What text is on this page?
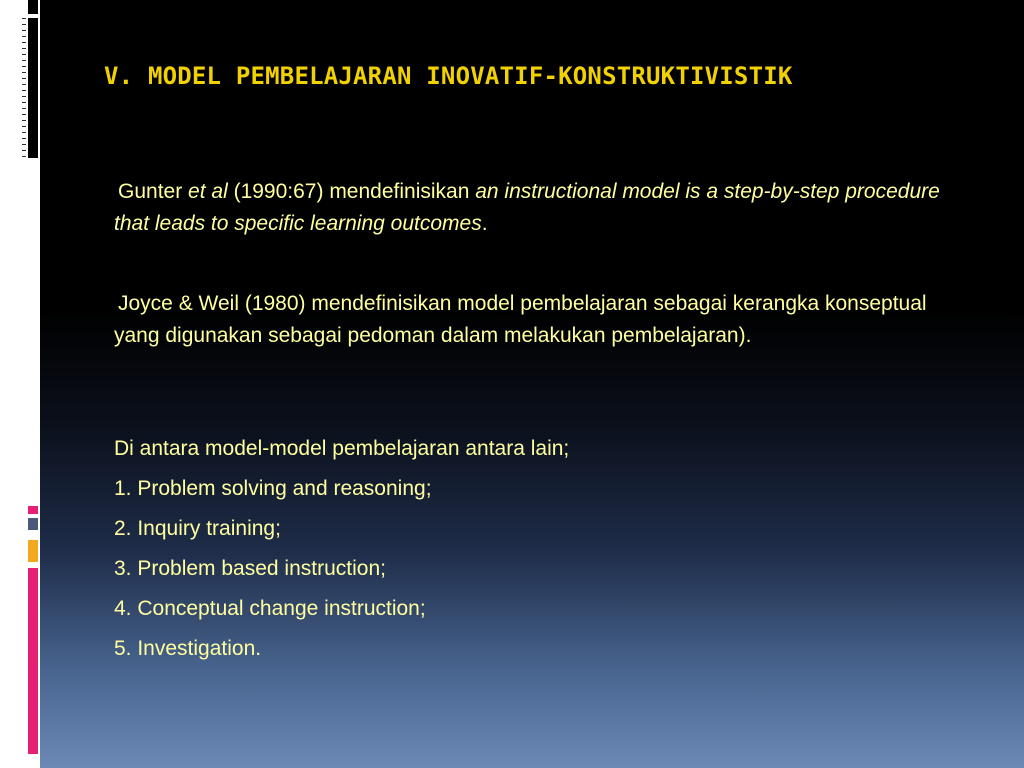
V. MODEL PEMBELAJARAN INOVATIF-KONSTRUKTIVISTIK
Gunter et al (1990:67) mendefinisikan an instructional model is a step-by-step procedure that leads to specific learning outcomes.
Joyce & Weil (1980) mendefinisikan model pembelajaran sebagai kerangka konseptual yang digunakan sebagai pedoman dalam melakukan pembelajaran).
Di antara model-model pembelajaran antara lain;
1. Problem solving and reasoning;
2. Inquiry training;
3. Problem based instruction;
4. Conceptual change instruction;
5. Investigation.
